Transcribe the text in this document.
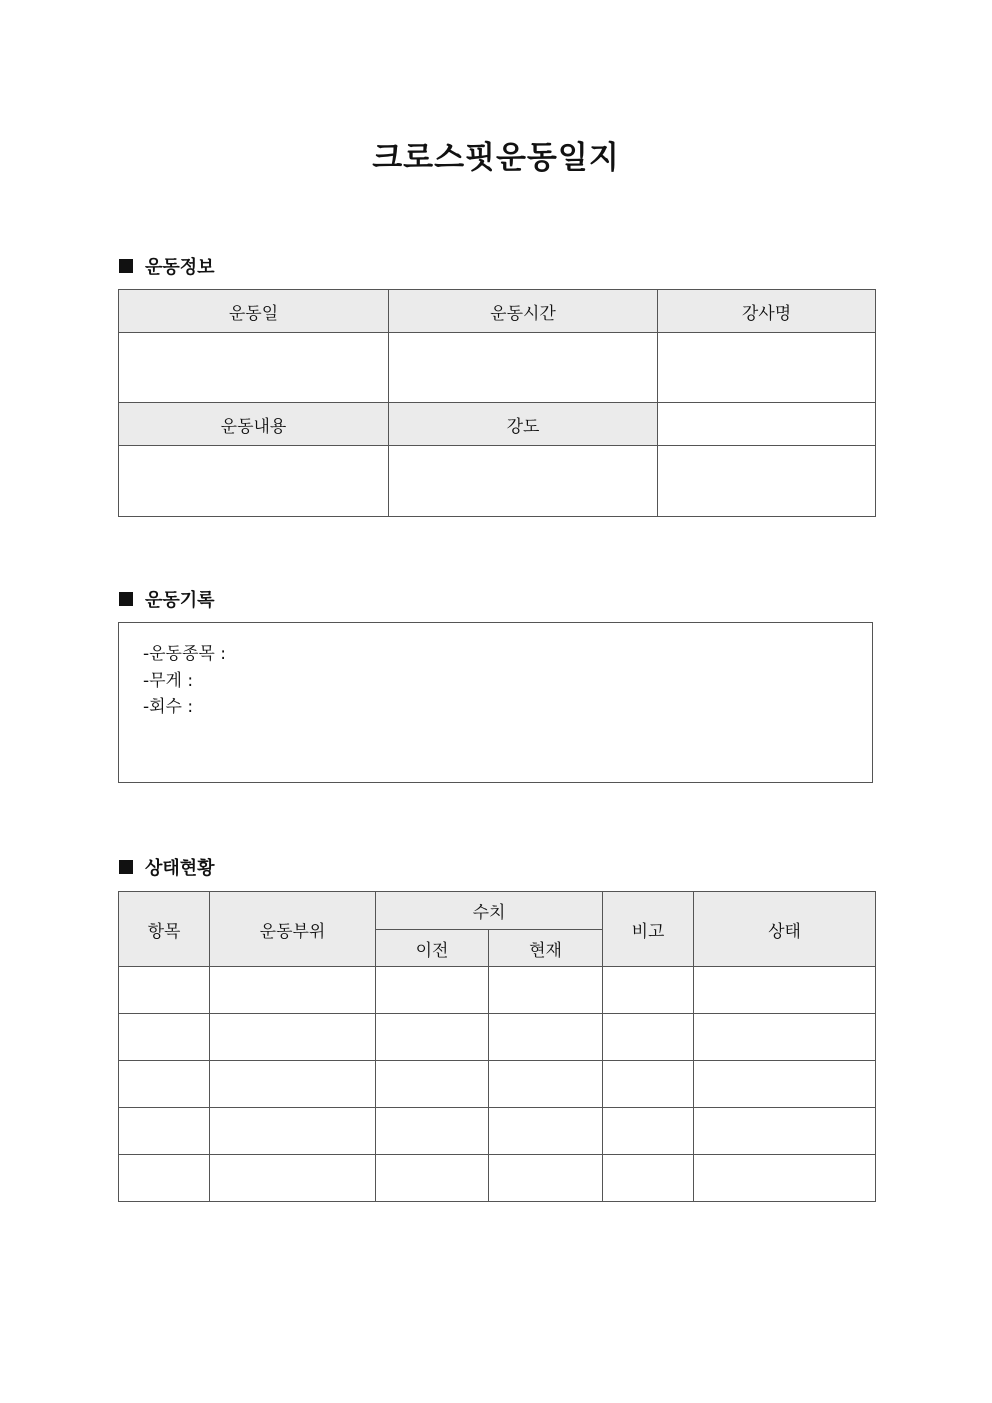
크로스핏운동일지
운동정보
운동일	운동시간	강사명

운동내용	강도	

운동기록
-운동종목 :
-무게 :
-회수 :
상태현황
항목	운동부위	수치		비고	상태
		이전	현재		
